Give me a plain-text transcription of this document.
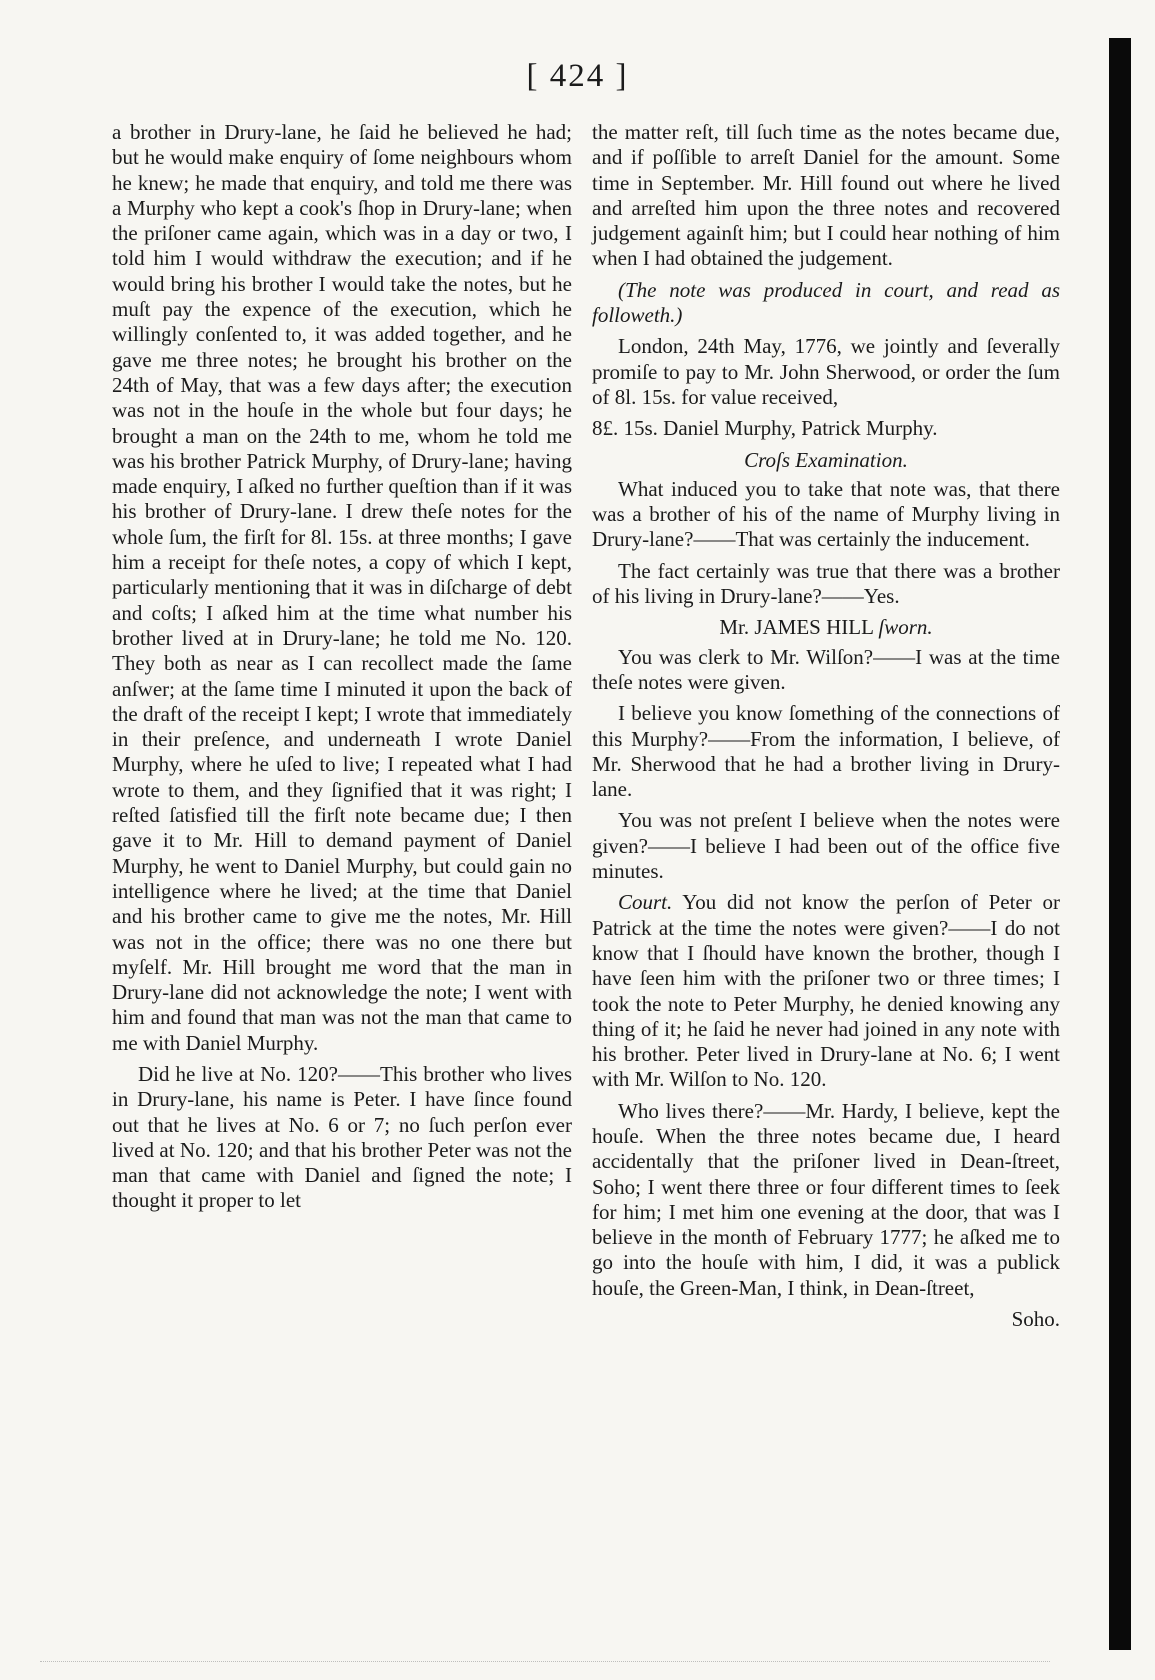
[ 424 ]

a brother in Drury-lane, he ſaid he believed he had; but he would make enquiry of ſome neighbours whom he knew; he made that enquiry, and told me there was a Murphy who kept a cook's ſhop in Drury-lane; when the priſoner came again, which was in a day or two, I told him I would withdraw the execution; and if he would bring his brother I would take the notes, but he muſt pay the expence of the execution, which he willingly conſented to, it was added together, and he gave me three notes; he brought his brother on the 24th of May, that was a few days after; the execution was not in the houſe in the whole but four days; he brought a man on the 24th to me, whom he told me was his brother Patrick Murphy, of Drury-lane; having made enquiry, I aſked no further queſtion than if it was his brother of Drury-lane. I drew theſe notes for the whole ſum, the firſt for 8l. 15s. at three months; I gave him a receipt for theſe notes, a copy of which I kept, particularly mentioning that it was in diſcharge of debt and coſts; I aſked him at the time what number his brother lived at in Drury-lane; he told me No. 120. They both as near as I can recollect made the ſame anſwer; at the ſame time I minuted it upon the back of the draft of the receipt I kept; I wrote that immediately in their preſence, and underneath I wrote Daniel Murphy, where he uſed to live; I repeated what I had wrote to them, and they ſignified that it was right; I reſted ſatisfied till the firſt note became due; I then gave it to Mr. Hill to demand payment of Daniel Murphy, he went to Daniel Murphy, but could gain no intelligence where he lived; at the time that Daniel and his brother came to give me the notes, Mr. Hill was not in the office; there was no one there but myſelf. Mr. Hill brought me word that the man in Drury-lane did not acknowledge the note; I went with him and found that man was not the man that came to me with Daniel Murphy.

Did he live at No. 120?——This brother who lives in Drury-lane, his name is Peter. I have ſince found out that he lives at No. 6 or 7; no ſuch perſon ever lived at No. 120; and that his brother Peter was not the man that came with Daniel and ſigned the note; I thought it proper to let

the matter reſt, till ſuch time as the notes became due, and if poſſible to arreſt Daniel for the amount. Some time in September. Mr. Hill found out where he lived and arreſted him upon the three notes and recovered judgement againſt him; but I could hear nothing of him when I had obtained the judgement.

(The note was produced in court, and read as followeth.)

London, 24th May, 1776, we jointly and ſeverally promiſe to pay to Mr. John Sherwood, or order the ſum of 8l. 15s. for value received,

8£. 15s. Daniel Murphy, Patrick Murphy.

Croſs Examination.

What induced you to take that note was, that there was a brother of his of the name of Murphy living in Drury-lane?——That was certainly the inducement.

The fact certainly was true that there was a brother of his living in Drury-lane?——Yes.

Mr. JAMES HILL ſworn.

You was clerk to Mr. Wilſon?——I was at the time theſe notes were given.

I believe you know ſomething of the connections of this Murphy?——From the information, I believe, of Mr. Sherwood that he had a brother living in Drury-lane.

You was not preſent I believe when the notes were given?——I believe I had been out of the office five minutes.

Court. You did not know the perſon of Peter or Patrick at the time the notes were given?——I do not know that I ſhould have known the brother, though I have ſeen him with the priſoner two or three times; I took the note to Peter Murphy, he denied knowing any thing of it; he ſaid he never had joined in any note with his brother. Peter lived in Drury-lane at No. 6; I went with Mr. Wilſon to No. 120.

Who lives there?——Mr. Hardy, I believe, kept the houſe. When the three notes became due, I heard accidentally that the priſoner lived in Dean-ſtreet, Soho; I went there three or four different times to ſeek for him; I met him one evening at the door, that was I believe in the month of February 1777; he aſked me to go into the houſe with him, I did, it was a publick houſe, the Green-Man, I think, in Dean-ſtreet,

Soho.
